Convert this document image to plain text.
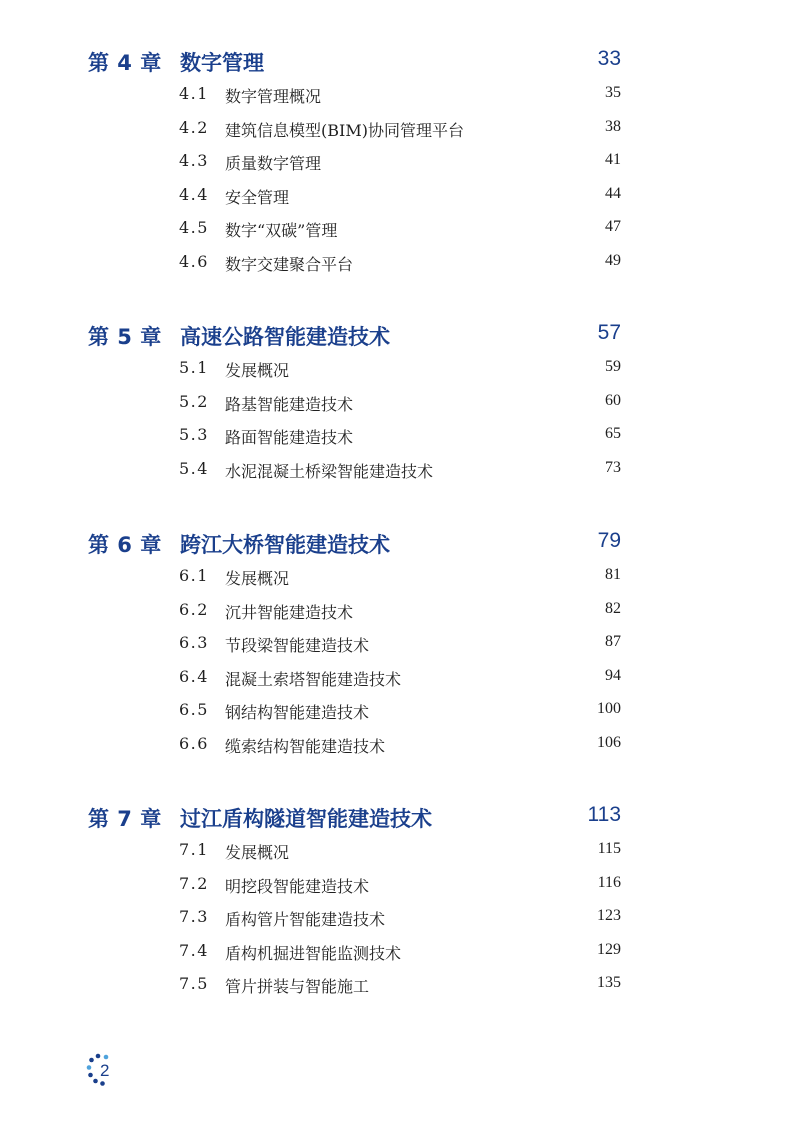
第 4 章 数字管理	33
4.1 数字管理概况	35
4.2 建筑信息模型(BIM)协同管理平台	38
4.3 质量数字管理	41
4.4 安全管理	44
4.5 数字“双碳”管理	47
4.6 数字交建聚合平台	49
第 5 章 高速公路智能建造技术	57
5.1 发展概况	59
5.2 路基智能建造技术	60
5.3 路面智能建造技术	65
5.4 水泥混凝土桥梁智能建造技术	73
第 6 章 跨江大桥智能建造技术	79
6.1 发展概况	81
6.2 沉井智能建造技术	82
6.3 节段梁智能建造技术	87
6.4 混凝土索塔智能建造技术	94
6.5 钢结构智能建造技术	100
6.6 缆索结构智能建造技术	106
第 7 章 过江盾构隧道智能建造技术	113
7.1 发展概况	115
7.2 明挖段智能建造技术	116
7.3 盾构管片智能建造技术	123
7.4 盾构机掘进智能监测技术	129
7.5 管片拼装与智能施工	135
2
